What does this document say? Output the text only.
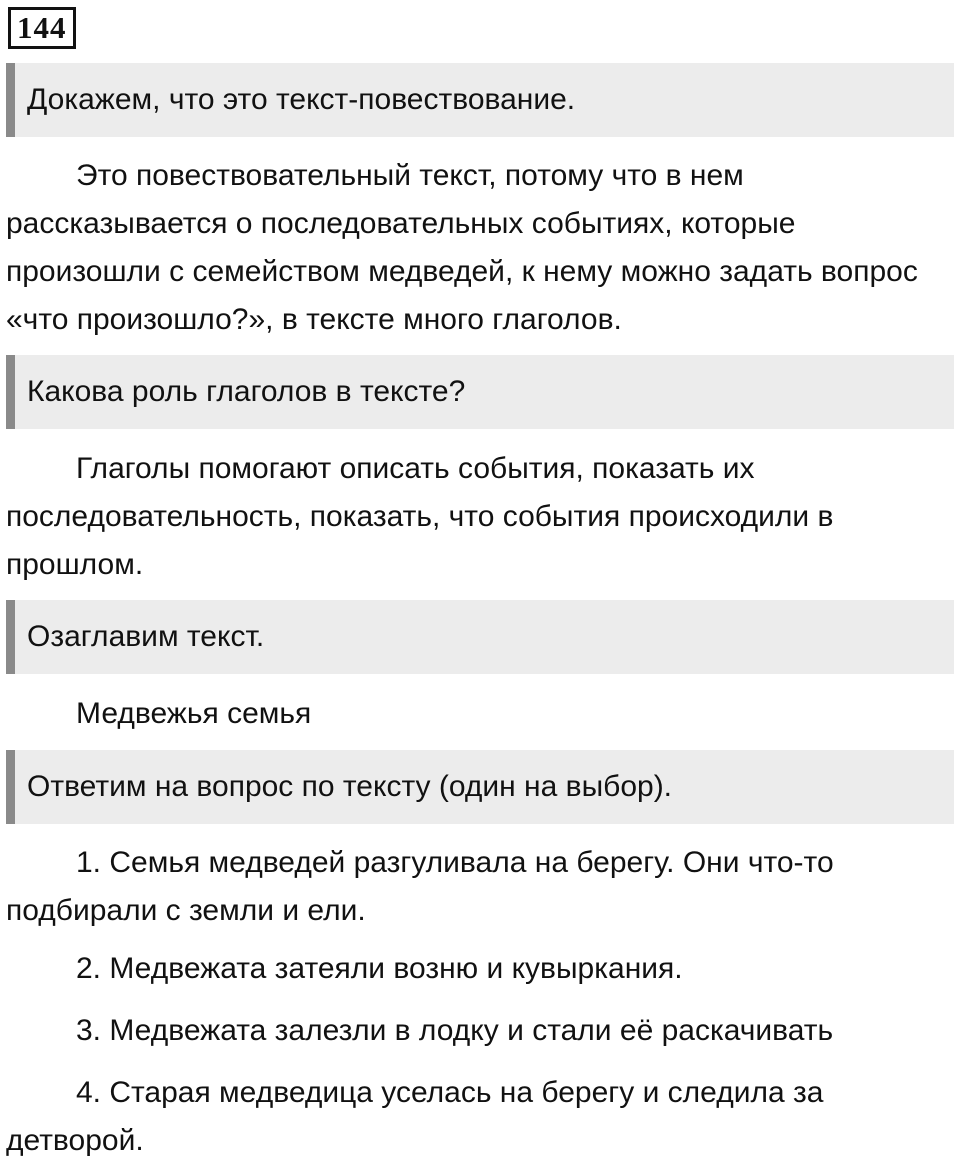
144
Докажем, что это текст-повествование.

Это повествовательный текст, потому что в нем рассказывается о последовательных событиях, которые произошли с семейством медведей, к нему можно задать вопрос «что произошло?», в тексте много глаголов.

Какова роль глаголов в тексте?

Глаголы помогают описать события, показать их последовательность, показать, что события происходили в прошлом.

Озаглавим текст.

Медвежья семья

Ответим на вопрос по тексту (один на выбор).

1. Семья медведей разгуливала на берегу. Они что-то подбирали с земли и ели.

2. Медвежата затеяли возню и кувыркания.

3. Медвежата залезли в лодку и стали её раскачивать

4. Старая медведица уселась на берегу и следила за детворой.
